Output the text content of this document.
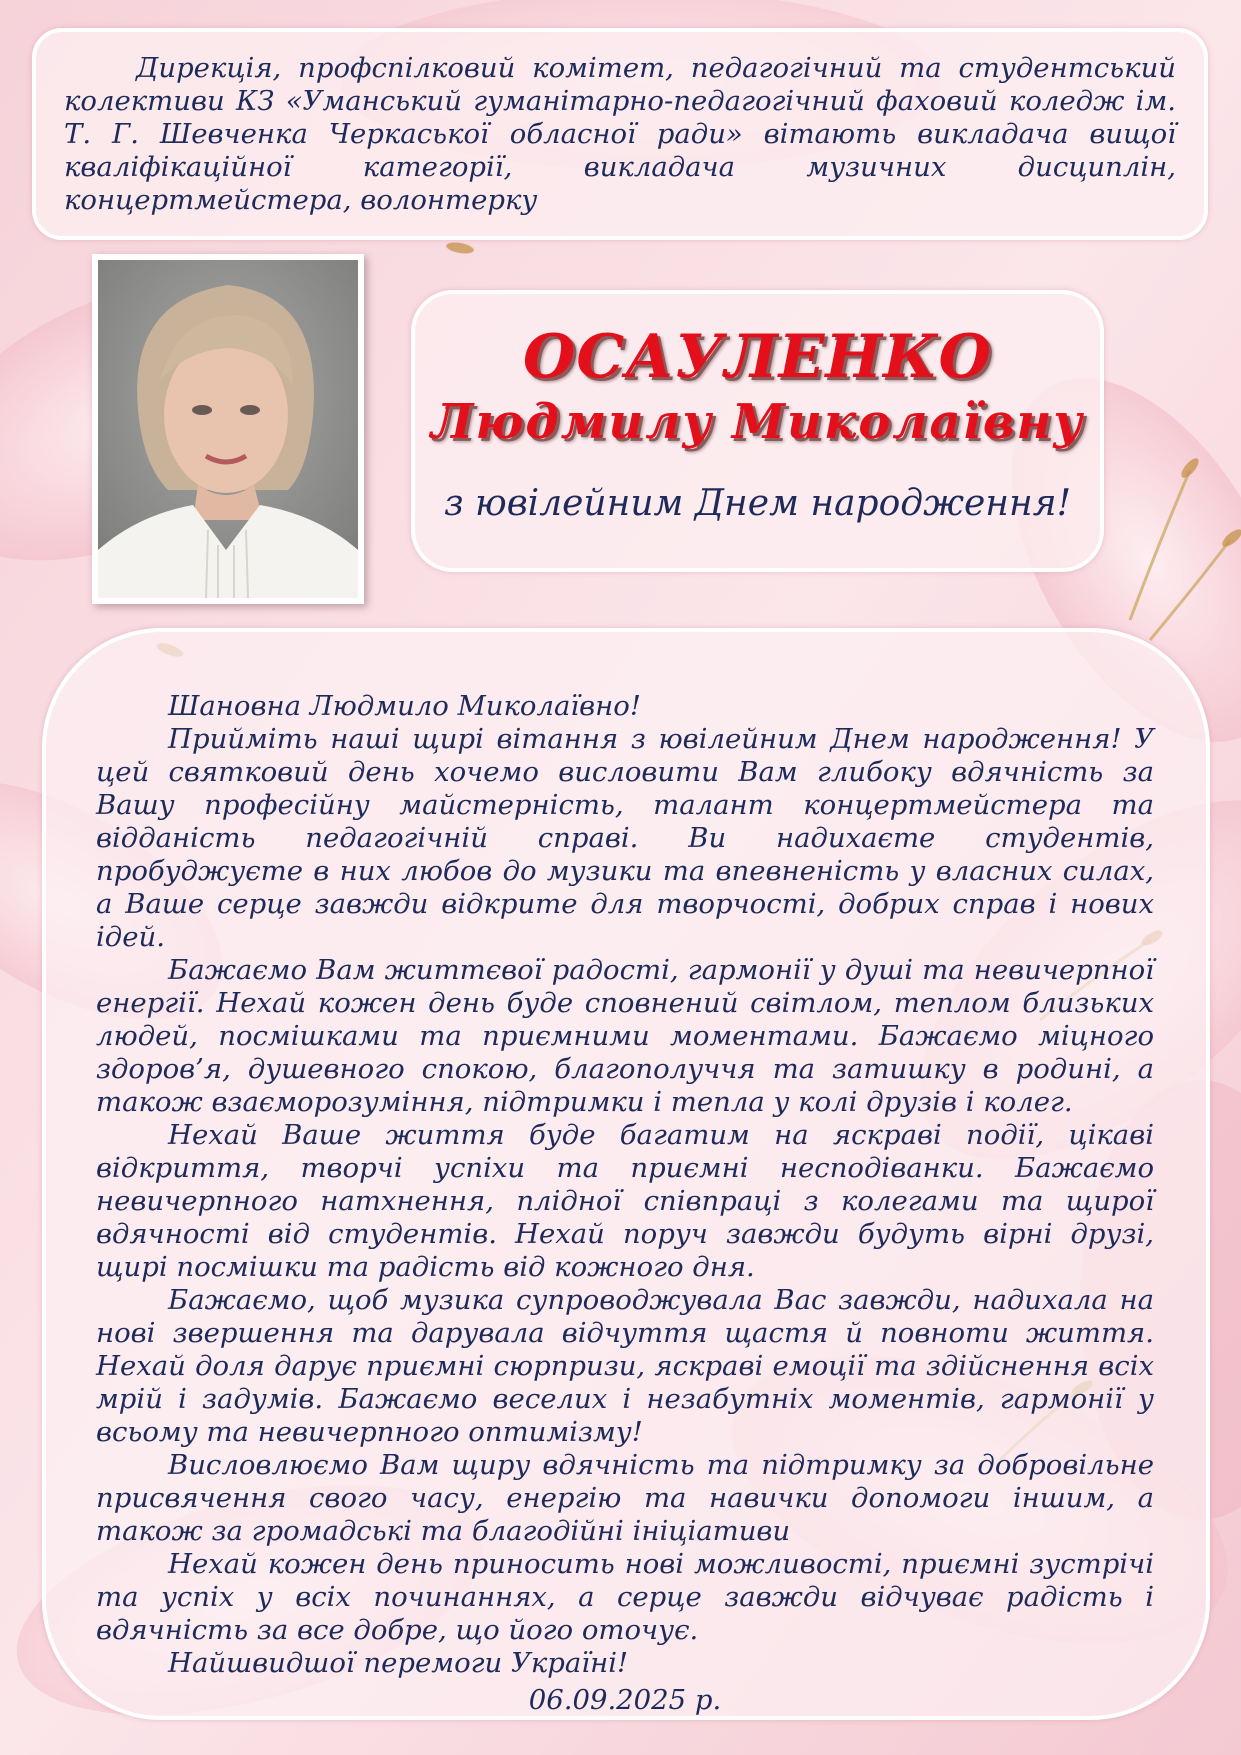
Дирекція, профспілковий комітет, педагогічний та студентський колективи КЗ «Уманський гуманітарно-педагогічний фаховий коледж ім. Т. Г. Шевченка Черкаської обласної ради» вітають викладача вищої кваліфікаційної категорії, викладача музичних дисциплін, концертмейстера, волонтерку

ОСАУЛЕНКО
Людмилу Миколаївну
з ювілейним Днем народження!

Шановна Людмило Миколаївно!

Прийміть наші щирі вітання з ювілейним Днем народження! У цей святковий день хочемо висловити Вам глибоку вдячність за Вашу професійну майстерність, талант концертмейстера та відданість педагогічній справі. Ви надихаєте студентів, пробуджуєте в них любов до музики та впевненість у власних силах, а Ваше серце завжди відкрите для творчості, добрих справ і нових ідей.

Бажаємо Вам життєвої радості, гармонії у душі та невичерпної енергії. Нехай кожен день буде сповнений світлом, теплом близьких людей, посмішками та приємними моментами. Бажаємо міцного здоров’я, душевного спокою, благополуччя та затишку в родині, а також взаєморозуміння, підтримки і тепла у колі друзів і колег.

Нехай Ваше життя буде багатим на яскраві події, цікаві відкриття, творчі успіхи та приємні несподіванки. Бажаємо невичерпного натхнення, плідної співпраці з колегами та щирої вдячності від студентів. Нехай поруч завжди будуть вірні друзі, щирі посмішки та радість від кожного дня.

Бажаємо, щоб музика супроводжувала Вас завжди, надихала на нові звершення та дарувала відчуття щастя й повноти життя. Нехай доля дарує приємні сюрпризи, яскраві емоції та здійснення всіх мрій і задумів. Бажаємо веселих і незабутніх моментів, гармонії у всьому та невичерпного оптимізму!

Висловлюємо Вам щиру вдячність та підтримку за добровільне присвячення свого часу, енергію та навички допомоги іншим, а також за громадські та благодійні ініціативи

Нехай кожен день приносить нові можливості, приємні зустрічі та успіх у всіх починаннях, а серце завжди відчуває радість і вдячність за все добре, що його оточує.

Найшвидшої перемоги Україні!

06.09.2025 р.
